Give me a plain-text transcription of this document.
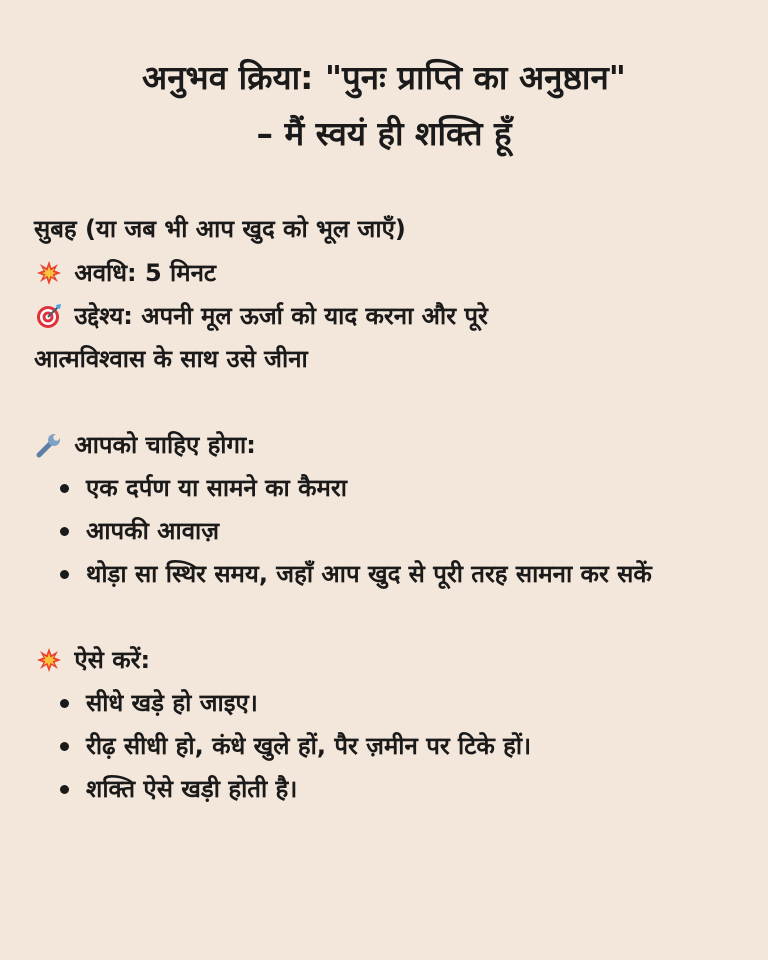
अनुभव क्रिया: "पुनः प्राप्ति का अनुष्ठान"
– मैं स्वयं ही शक्ति हूँ
सुबह (या जब भी आप खुद को भूल जाएँ)
अवधि: 5 मिनट
उद्देश्य: अपनी मूल ऊर्जा को याद करना और पूरे
आत्मविश्वास के साथ उसे जीना
आपको चाहिए होगा:
एक दर्पण या सामने का कैमरा
आपकी आवाज़
थोड़ा सा स्थिर समय, जहाँ आप खुद से पूरी तरह सामना कर सकें
ऐसे करें:
सीधे खड़े हो जाइए।
रीढ़ सीधी हो, कंधे खुले हों, पैर ज़मीन पर टिके हों।
शक्ति ऐसे खड़ी होती है।
